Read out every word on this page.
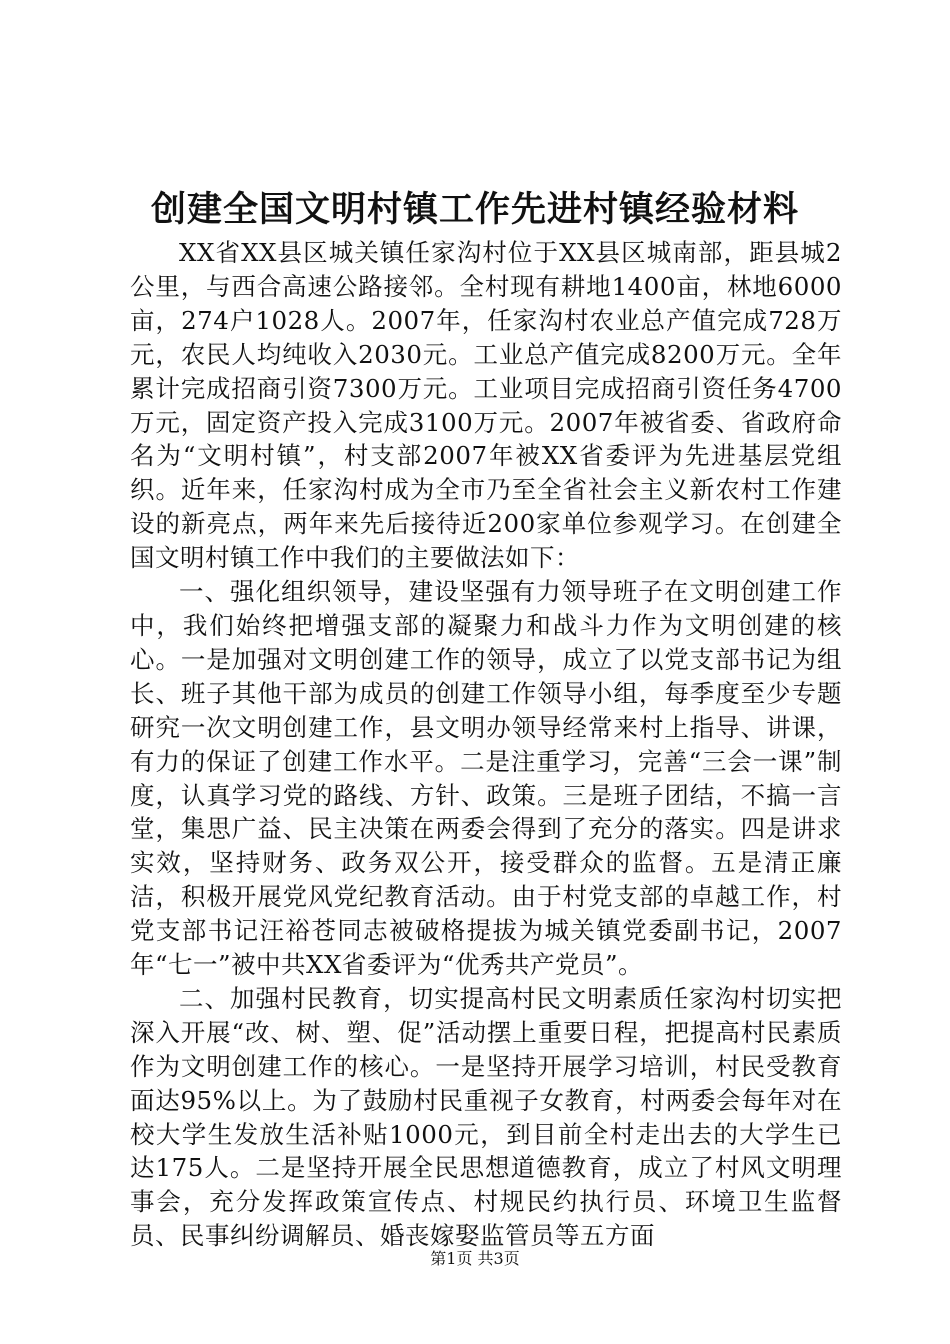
创建全国文明村镇工作先进村镇经验材料

XX省XX县区城关镇任家沟村位于XX县区城南部，距县城2公里，与西合高速公路接邻。全村现有耕地1400亩，林地6000亩，274户1028人。2007年，任家沟村农业总产值完成728万元，农民人均纯收入2030元。工业总产值完成8200万元。全年累计完成招商引资7300万元。工业项目完成招商引资任务4700万元，固定资产投入完成3100万元。2007年被省委、省政府命名为“文明村镇”，村支部2007年被XX省委评为先进基层党组织。近年来，任家沟村成为全市乃至全省社会主义新农村工作建设的新亮点，两年来先后接待近200家单位参观学习。在创建全国文明村镇工作中我们的主要做法如下：

一、强化组织领导，建设坚强有力领导班子在文明创建工作中，我们始终把增强支部的凝聚力和战斗力作为文明创建的核心。一是加强对文明创建工作的领导，成立了以党支部书记为组长、班子其他干部为成员的创建工作领导小组，每季度至少专题研究一次文明创建工作，县文明办领导经常来村上指导、讲课，有力的保证了创建工作水平。二是注重学习，完善“三会一课”制度，认真学习党的路线、方针、政策。三是班子团结，不搞一言堂，集思广益、民主决策在两委会得到了充分的落实。四是讲求实效，坚持财务、政务双公开，接受群众的监督。五是清正廉洁，积极开展党风党纪教育活动。由于村党支部的卓越工作，村党支部书记汪裕苍同志被破格提拔为城关镇党委副书记，2007年“七一”被中共XX省委评为“优秀共产党员”。

二、加强村民教育，切实提高村民文明素质任家沟村切实把深入开展“改、树、塑、促”活动摆上重要日程，把提高村民素质作为文明创建工作的核心。一是坚持开展学习培训，村民受教育面达95%以上。为了鼓励村民重视子女教育，村两委会每年对在校大学生发放生活补贴1000元，到目前全村走出去的大学生已达175人。二是坚持开展全民思想道德教育，成立了村风文明理事会，充分发挥政策宣传点、村规民约执行员、环境卫生监督员、民事纠纷调解员、婚丧嫁娶监管员等五方面

第1页 共3页
